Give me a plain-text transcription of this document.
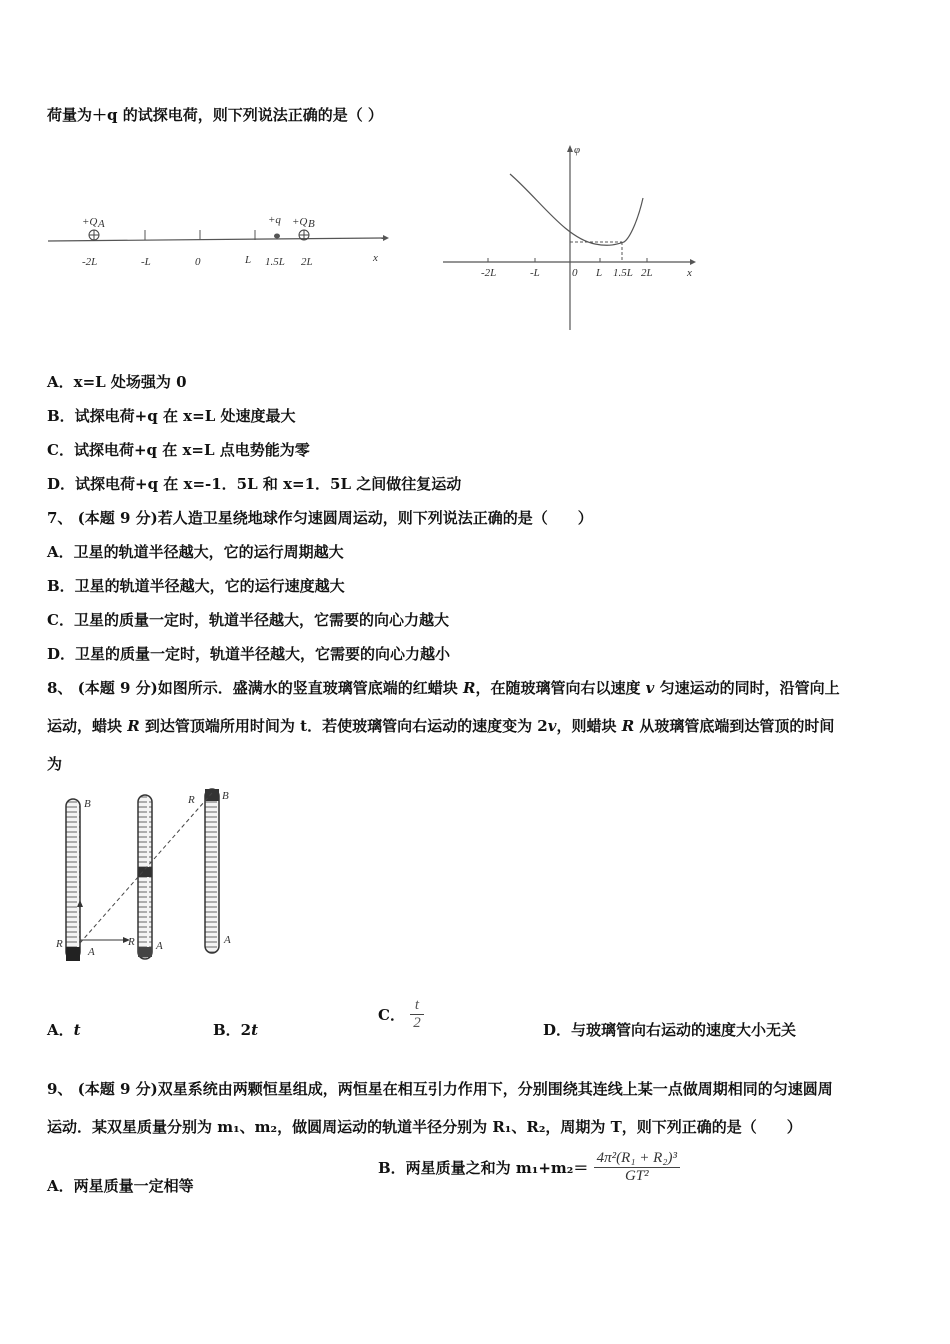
荷量为＋q 的试探电荷，则下列说法正确的是（ ）
+Q A	+q +Q B
-2L	-L	0	L 1.5L 2L	x
φ
x
-2L	-L	0 L 1.5L 2L
A．x=L 处场强为 0
B．试探电荷+q 在 x=L 处速度最大
C．试探电荷+q 在 x=L 点电势能为零
D．试探电荷+q 在 x=-1．5L 和 x=1．5L 之间做往复运动
7、 (本题 9 分)若人造卫星绕地球作匀速圆周运动，则下列说法正确的是（　　）
A．卫星的轨道半径越大，它的运行周期越大
B．卫星的轨道半径越大，它的运行速度越大
C．卫星的质量一定时，轨道半径越大，它需要的向心力越大
D．卫星的质量一定时，轨道半径越大，它需要的向心力越小
8、 (本题 9 分)如图所示．盛满水的竖直玻璃管底端的红蜡块 R，在随玻璃管向右以速度 v 匀速运动的同时，沿管向上
运动，蜡块 R 到达管顶端所用时间为 t．若使玻璃管向右运动的速度变为 2v，则蜡块 R 从玻璃管底端到达管顶的时间
为
B
R
A
R A
R B
A
A．t	B．2t
C． $\frac{t}{2}$	D．与玻璃管向右运动的速度大小无关
9、 (本题 9 分)双星系统由两颗恒星组成，两恒星在相互引力作用下，分别围绕其连线上某一点做周期相同的匀速圆周
运动．某双星质量分别为 m₁、m₂，做圆周运动的轨道半径分别为 R₁、R₂，周期为 T，则下列正确的是（　　）
A．两星质量一定相等
B．两星质量之和为 $m_1+m_2= \frac{\text{4π²(R₁ + R₂)³}}{\text{GT²}}$
